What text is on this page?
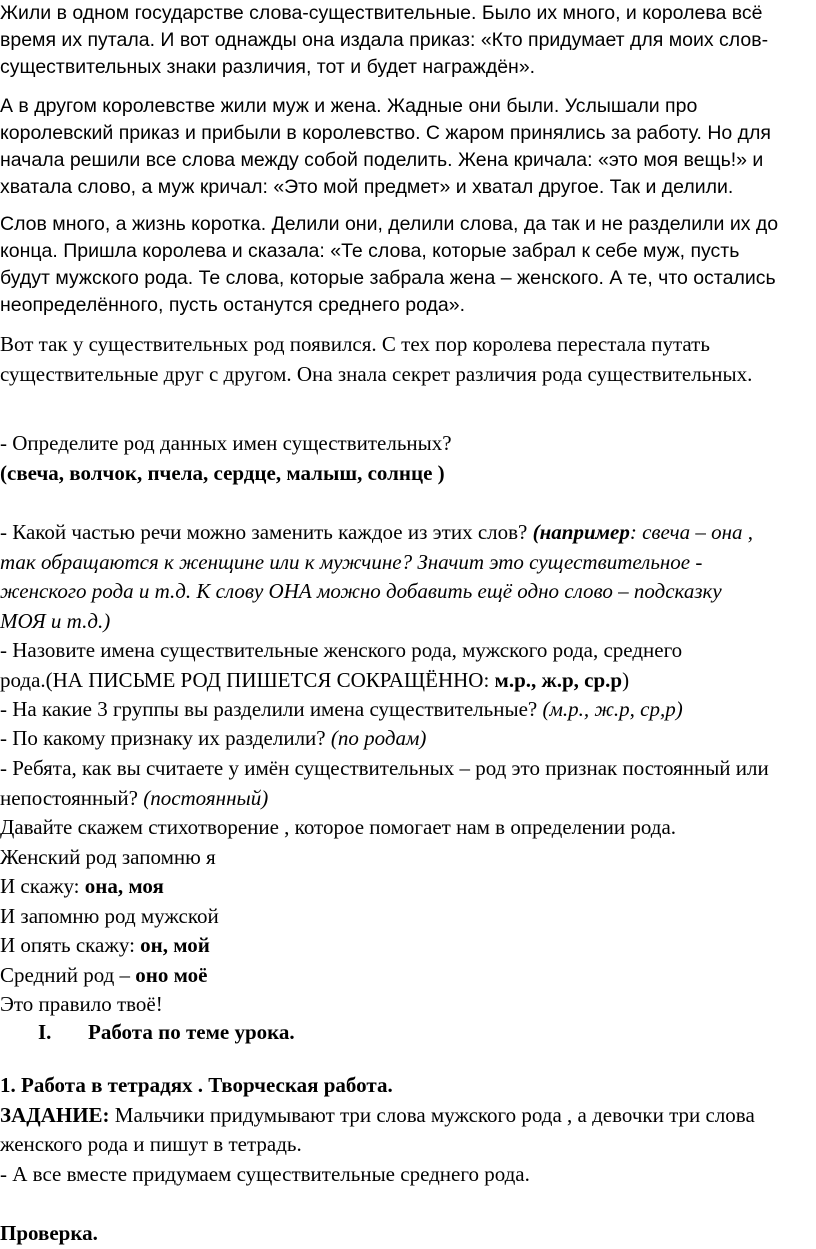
Жили в одном государстве слова-существительные. Было их много, и королева всё
время их путала. И вот однажды она издала приказ: «Кто придумает для моих слов-
существительных знаки различия, тот и будет награждён».
А в другом королевстве жили муж и жена. Жадные они были. Услышали про
королевский приказ и прибыли в королевство. С жаром принялись за работу. Но для
начала решили все слова между собой поделить. Жена кричала: «это моя вещь!» и
хватала слово, а муж кричал: «Это мой предмет» и хватал другое. Так и делили.
Слов много, а жизнь коротка. Делили они, делили слова, да так и не разделили их до
конца. Пришла королева и сказала: «Те слова, которые забрал к себе муж, пусть
будут мужского рода. Те слова, которые забрала жена – женского. А те, что остались
неопределённого, пусть останутся среднего рода».
Вот так у существительных род появился. С тех пор королева перестала путать
существительные друг с другом. Она знала секрет различия рода существительных.
- Определите род данных имен существительных?
(свеча, волчок, пчела, сердце, малыш, солнце )
- Какой частью речи можно заменить каждое из этих слов? (например: свеча – она ,
так обращаются к женщине или к мужчине? Значит это существительное -
женского рода и т.д. К слову ОНА можно добавить ещё одно слово – подсказку
МОЯ и т.д.)
- Назовите имена существительные женского рода, мужского рода, среднего
рода.(НА ПИСЬМЕ РОД ПИШЕТСЯ СОКРАЩЁННО: м.р., ж.р, ср.р)
- На какие 3 группы вы разделили имена существительные? (м.р., ж.р, ср,р)
- По какому признаку их разделили? (по родам)
- Ребята, как вы считаете у имён существительных – род это признак постоянный или
непостоянный? (постоянный)
Давайте скажем стихотворение , которое помогает нам в определении рода.
Женский род запомню я
И скажу: она, моя
И запомню род мужской
И опять скажу: он, мой
Средний род – оно моё
Это правило твоё!
I. Работа по теме урока.
1. Работа в тетрадях . Творческая работа.
ЗАДАНИЕ: Мальчики придумывают три слова мужского рода , а девочки три слова
женского рода и пишут в тетрадь.
- А все вместе придумаем существительные среднего рода.
Проверка.
